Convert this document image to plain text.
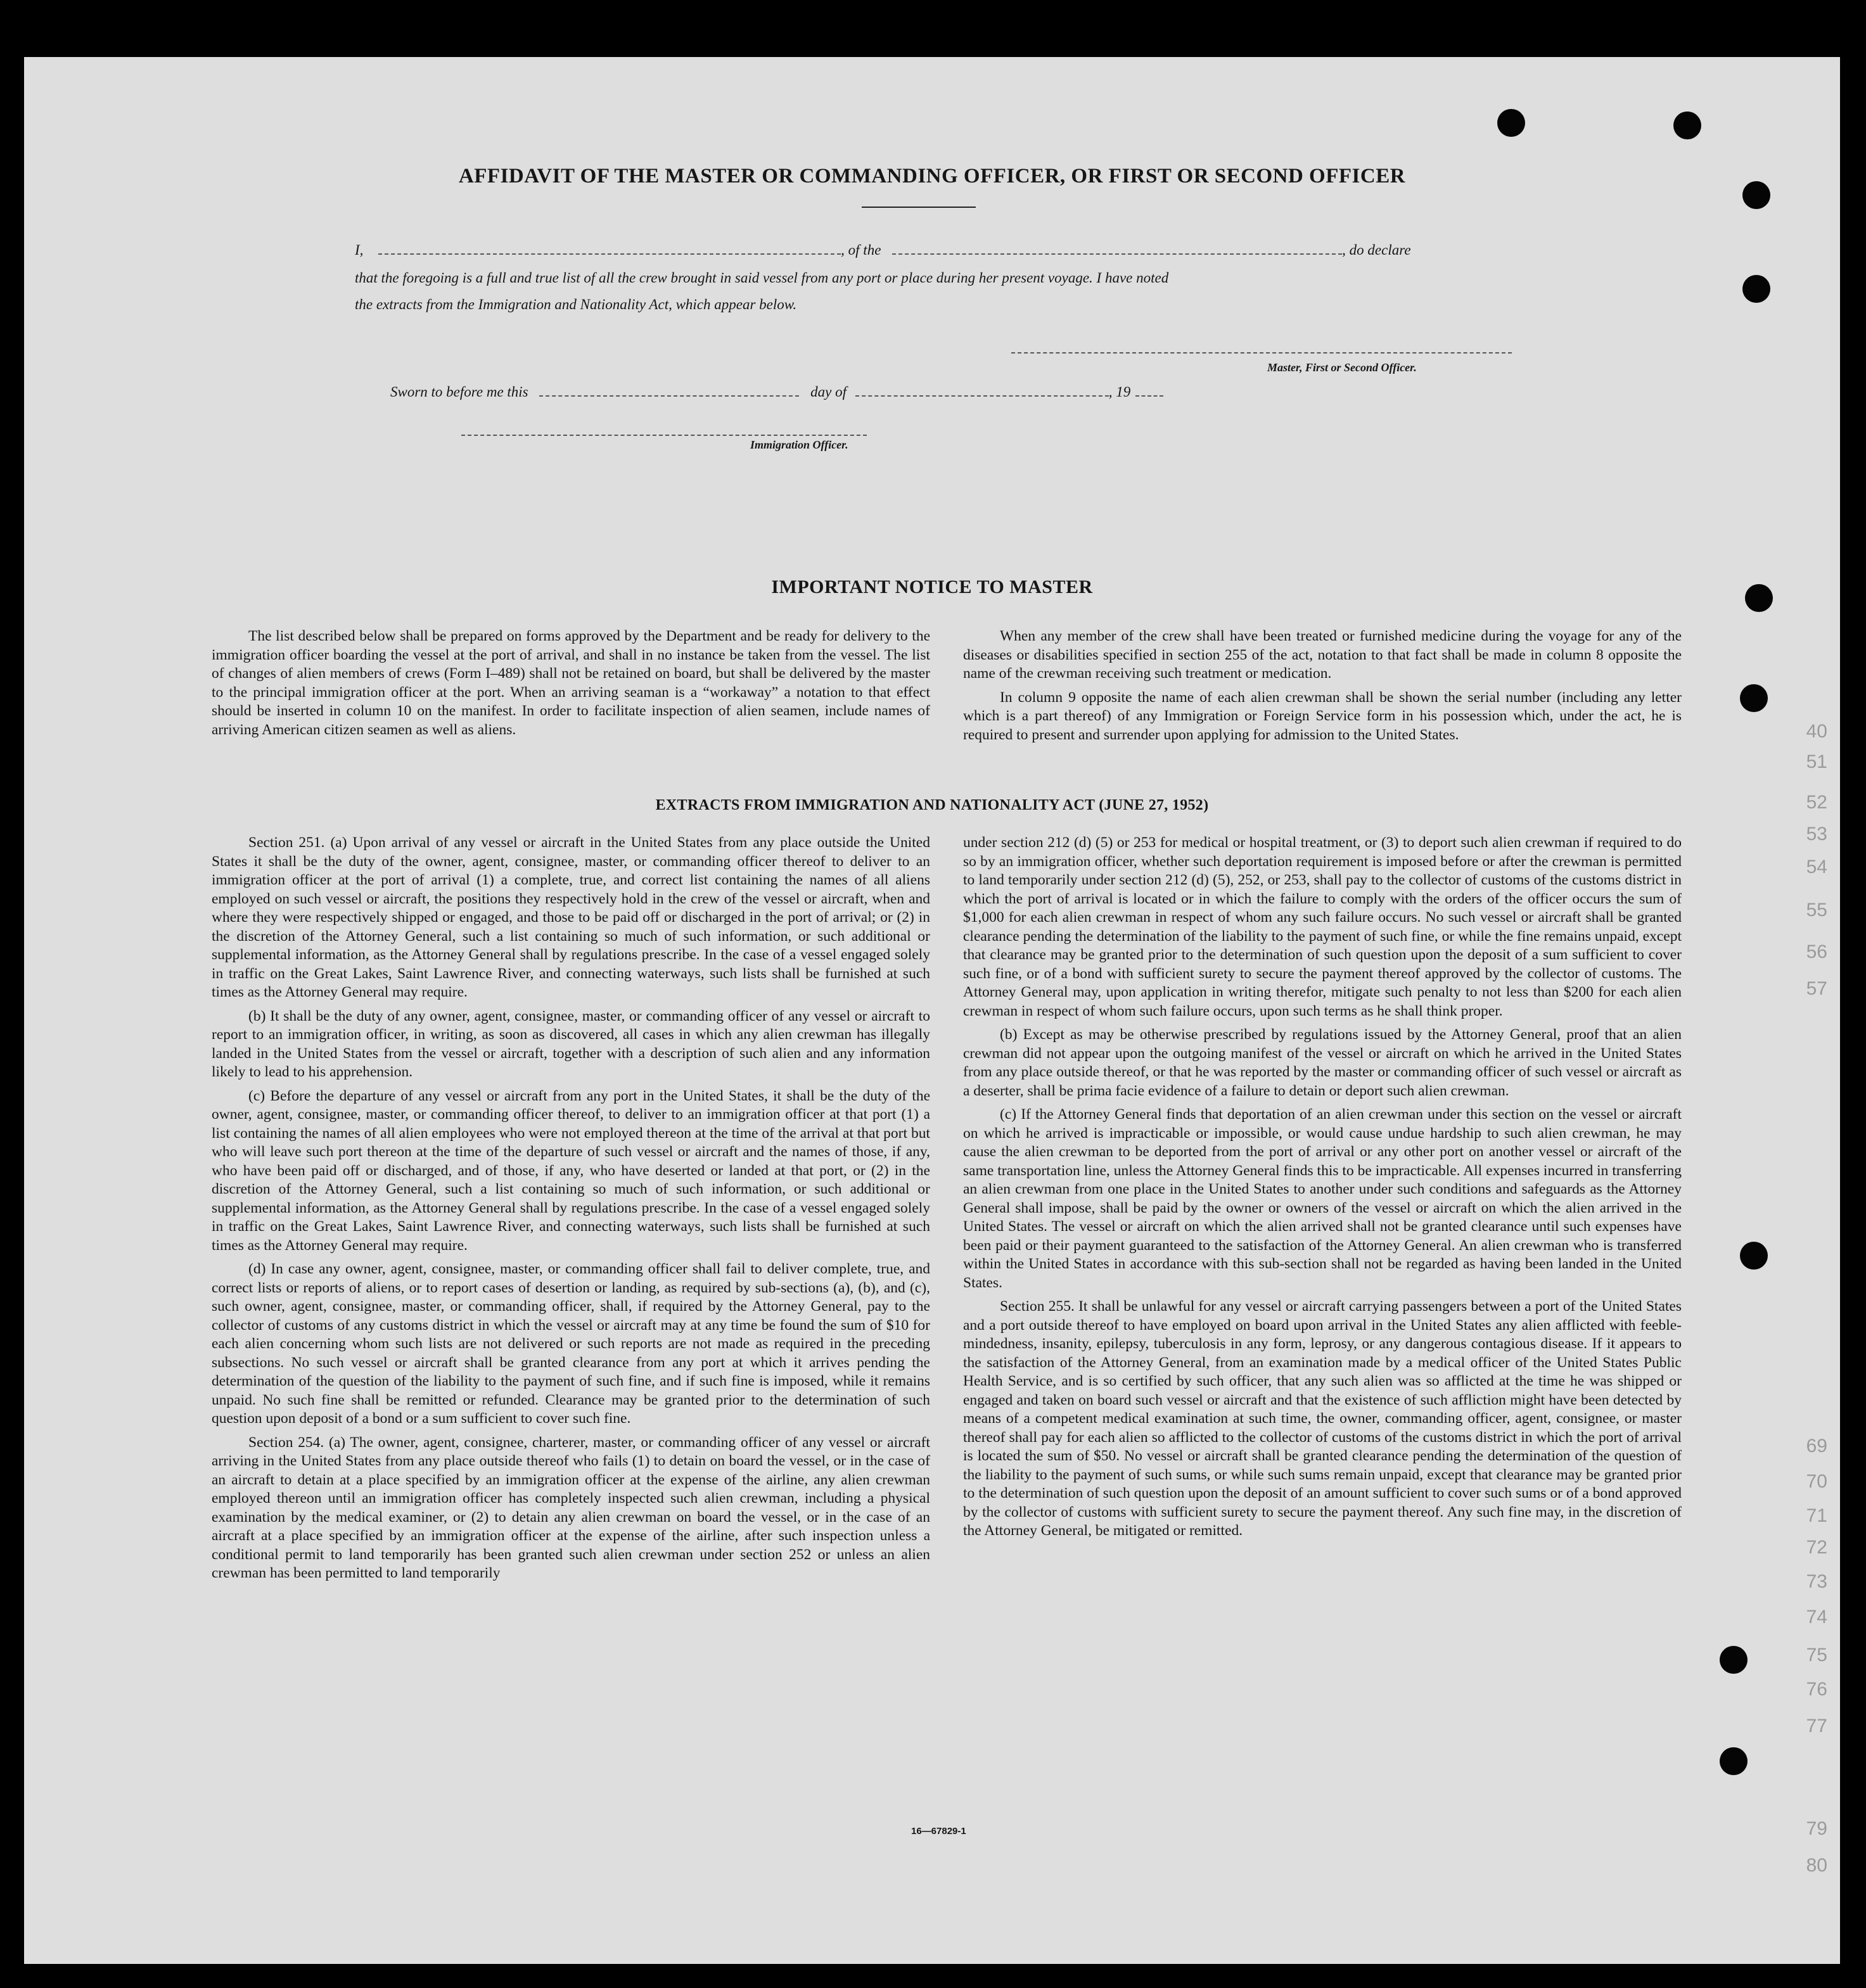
40
51
52
53
54
55
56
57
69
70
71
72
73
74
75
76
77
79
80
AFFIDAVIT OF THE MASTER OR COMMANDING OFFICER, OR FIRST OR SECOND OFFICER
I,	, of the	, do declare
that the foregoing is a full and true list of all the crew brought in said vessel from any port or place during her present voyage. I have noted
the extracts from the Immigration and Nationality Act, which appear below.
Master, First or Second Officer.
Sworn to before me this	day of	, 19
Immigration Officer.
IMPORTANT NOTICE TO MASTER

The list described below shall be prepared on forms approved by the Department and be ready for delivery to the immigration officer boarding the vessel at the port of arrival, and shall in no instance be taken from the vessel. The list of changes of alien members of crews (Form I–489) shall not be retained on board, but shall be delivered by the master to the principal immigration officer at the port. When an arriving seaman is a “workaway” a notation to that effect should be inserted in column 10 on the manifest. In order to facilitate inspection of alien seamen, include names of arriving American citizen seamen as well as aliens.

When any member of the crew shall have been treated or furnished medicine during the voyage for any of the diseases or disabilities specified in section 255 of the act, notation to that fact shall be made in column 8 opposite the name of the crewman receiving such treatment or medication.

In column 9 opposite the name of each alien crewman shall be shown the serial number (including any letter which is a part thereof) of any Immigration or Foreign Service form in his possession which, under the act, he is required to present and surrender upon applying for admission to the United States.

EXTRACTS FROM IMMIGRATION AND NATIONALITY ACT (JUNE 27, 1952)

Section 251. (a) Upon arrival of any vessel or aircraft in the United States from any place outside the United States it shall be the duty of the owner, agent, consignee, master, or commanding officer thereof to deliver to an immigration officer at the port of arrival (1) a complete, true, and correct list containing the names of all aliens employed on such vessel or aircraft, the positions they respectively hold in the crew of the vessel or aircraft, when and where they were respectively shipped or engaged, and those to be paid off or discharged in the port of arrival; or (2) in the discretion of the Attorney General, such a list containing so much of such information, or such additional or supplemental information, as the Attorney General shall by regulations prescribe. In the case of a vessel engaged solely in traffic on the Great Lakes, Saint Lawrence River, and connecting waterways, such lists shall be furnished at such times as the Attorney General may require.

(b) It shall be the duty of any owner, agent, consignee, master, or commanding officer of any vessel or aircraft to report to an immigration officer, in writing, as soon as discovered, all cases in which any alien crewman has illegally landed in the United States from the vessel or aircraft, together with a description of such alien and any information likely to lead to his apprehension.

(c) Before the departure of any vessel or aircraft from any port in the United States, it shall be the duty of the owner, agent, consignee, master, or commanding officer thereof, to deliver to an immigration officer at that port (1) a list containing the names of all alien employees who were not employed thereon at the time of the arrival at that port but who will leave such port thereon at the time of the departure of such vessel or aircraft and the names of those, if any, who have been paid off or discharged, and of those, if any, who have deserted or landed at that port, or (2) in the discretion of the Attorney General, such a list containing so much of such information, or such additional or supplemental information, as the Attorney General shall by regulations prescribe. In the case of a vessel engaged solely in traffic on the Great Lakes, Saint Lawrence River, and connecting waterways, such lists shall be furnished at such times as the Attorney General may require.

(d) In case any owner, agent, consignee, master, or commanding officer shall fail to deliver complete, true, and correct lists or reports of aliens, or to report cases of desertion or landing, as required by sub-sections (a), (b), and (c), such owner, agent, consignee, master, or commanding officer, shall, if required by the Attorney General, pay to the collector of customs of any customs district in which the vessel or aircraft may at any time be found the sum of $10 for each alien concerning whom such lists are not delivered or such reports are not made as required in the preceding subsections. No such vessel or aircraft shall be granted clearance from any port at which it arrives pending the determination of the question of the liability to the payment of such fine, and if such fine is imposed, while it remains unpaid. No such fine shall be remitted or refunded. Clearance may be granted prior to the determination of such question upon deposit of a bond or a sum sufficient to cover such fine.

Section 254. (a) The owner, agent, consignee, charterer, master, or commanding officer of any vessel or aircraft arriving in the United States from any place outside thereof who fails (1) to detain on board the vessel, or in the case of an aircraft to detain at a place specified by an immigration officer at the expense of the airline, any alien crewman employed thereon until an immigration officer has completely inspected such alien crewman, including a physical examination by the medical examiner, or (2) to detain any alien crewman on board the vessel, or in the case of an aircraft at a place specified by an immigration officer at the expense of the airline, after such inspection unless a conditional permit to land temporarily has been granted such alien crewman under section 252 or unless an alien crewman has been permitted to land temporarily

under section 212 (d) (5) or 253 for medical or hospital treatment, or (3) to deport such alien crewman if required to do so by an immigration officer, whether such deportation requirement is imposed before or after the crewman is permitted to land temporarily under section 212 (d) (5), 252, or 253, shall pay to the collector of customs of the customs district in which the port of arrival is located or in which the failure to comply with the orders of the officer occurs the sum of $1,000 for each alien crewman in respect of whom any such failure occurs. No such vessel or aircraft shall be granted clearance pending the determination of the liability to the payment of such fine, or while the fine remains unpaid, except that clearance may be granted prior to the determination of such question upon the deposit of a sum sufficient to cover such fine, or of a bond with sufficient surety to secure the payment thereof approved by the collector of customs. The Attorney General may, upon application in writing therefor, mitigate such penalty to not less than $200 for each alien crewman in respect of whom such failure occurs, upon such terms as he shall think proper.

(b) Except as may be otherwise prescribed by regulations issued by the Attorney General, proof that an alien crewman did not appear upon the outgoing manifest of the vessel or aircraft on which he arrived in the United States from any place outside thereof, or that he was reported by the master or commanding officer of such vessel or aircraft as a deserter, shall be prima facie evidence of a failure to detain or deport such alien crewman.

(c) If the Attorney General finds that deportation of an alien crewman under this section on the vessel or aircraft on which he arrived is impracticable or impossible, or would cause undue hardship to such alien crewman, he may cause the alien crewman to be deported from the port of arrival or any other port on another vessel or aircraft of the same transportation line, unless the Attorney General finds this to be impracticable. All expenses incurred in transferring an alien crewman from one place in the United States to another under such conditions and safeguards as the Attorney General shall impose, shall be paid by the owner or owners of the vessel or aircraft on which the alien arrived in the United States. The vessel or aircraft on which the alien arrived shall not be granted clearance until such expenses have been paid or their payment guaranteed to the satisfaction of the Attorney General. An alien crewman who is transferred within the United States in accordance with this sub-section shall not be regarded as having been landed in the United States.

Section 255. It shall be unlawful for any vessel or aircraft carrying passengers between a port of the United States and a port outside thereof to have employed on board upon arrival in the United States any alien afflicted with feeble-mindedness, insanity, epilepsy, tuberculosis in any form, leprosy, or any dangerous contagious disease. If it appears to the satisfaction of the Attorney General, from an examination made by a medical officer of the United States Public Health Service, and is so certified by such officer, that any such alien was so afflicted at the time he was shipped or engaged and taken on board such vessel or aircraft and that the existence of such affliction might have been detected by means of a competent medical examination at such time, the owner, commanding officer, agent, consignee, or master thereof shall pay for each alien so afflicted to the collector of customs of the customs district in which the port of arrival is located the sum of $50. No vessel or aircraft shall be granted clearance pending the determination of the question of the liability to the payment of such sums, or while such sums remain unpaid, except that clearance may be granted prior to the determination of such question upon the deposit of an amount sufficient to cover such sums or of a bond approved by the collector of customs with sufficient surety to secure the payment thereof. Any such fine may, in the discretion of the Attorney General, be mitigated or remitted.

16—67829-1
